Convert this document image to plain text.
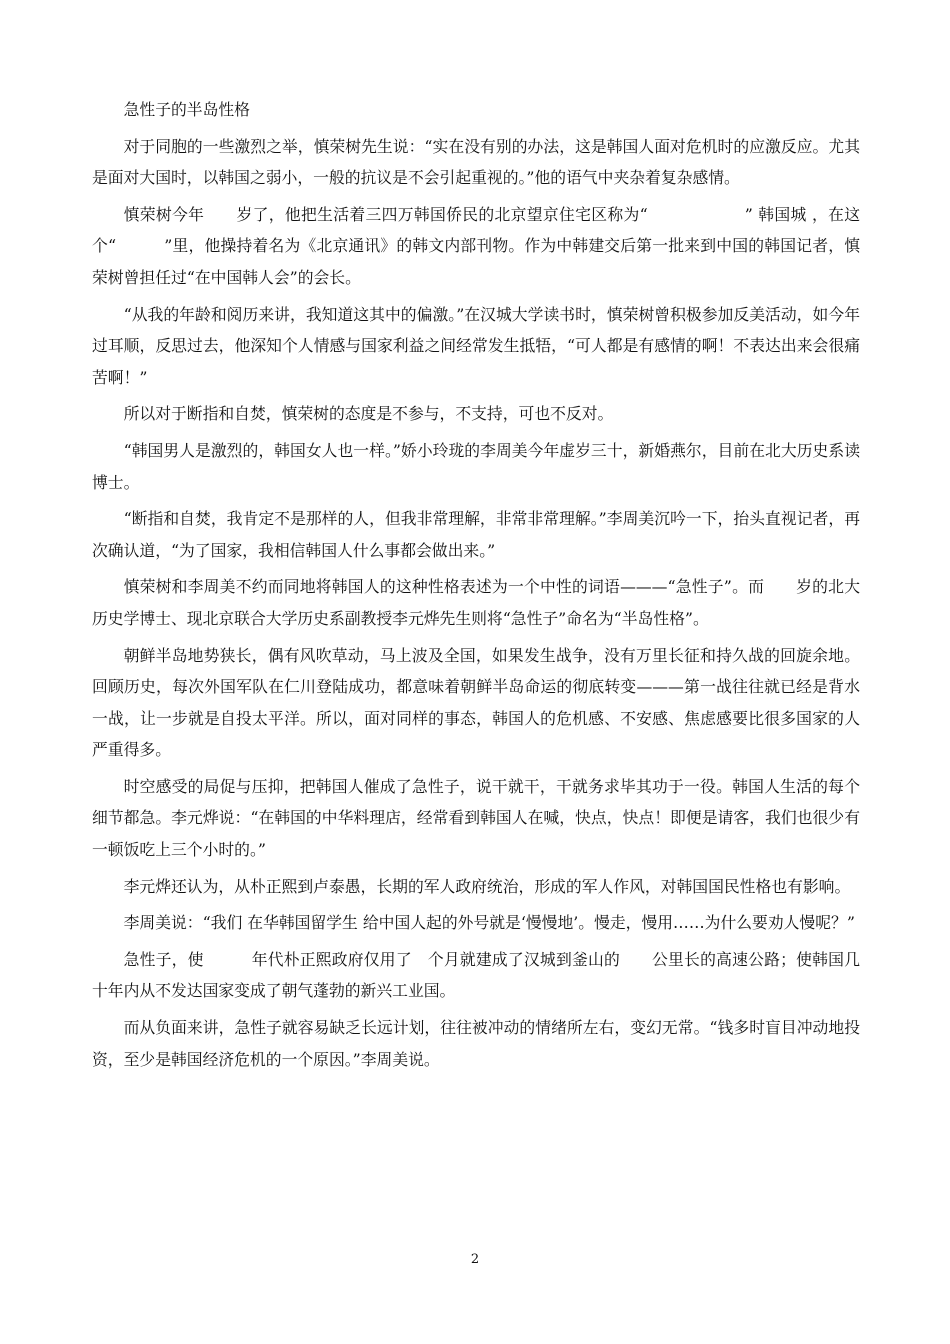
急性子的半岛性格

对于同胞的一些激烈之举，慎荣树先生说：“实在没有别的办法，这是韩国人面对危机时的应激反应。尤其是面对大国时，以韩国之弱小，一般的抗议是不会引起重视的。”他的语气中夹杂着复杂感情。

慎荣树今年　　岁了，他把生活着三四万韩国侨民的北京望京住宅区称为“　　　　　　” 韩国城 ，在这个“　　　”里，他操持着名为《北京通讯》的韩文内部刊物。作为中韩建交后第一批来到中国的韩国记者，慎荣树曾担任过“在中国韩人会”的会长。

“从我的年龄和阅历来讲，我知道这其中的偏激。”在汉城大学读书时，慎荣树曾积极参加反美活动，如今年过耳顺，反思过去，他深知个人情感与国家利益之间经常发生抵牾，“可人都是有感情的啊！不表达出来会很痛苦啊！”

所以对于断指和自焚，慎荣树的态度是不参与，不支持，可也不反对。

“韩国男人是激烈的，韩国女人也一样。”娇小玲珑的李周美今年虚岁三十，新婚燕尔，目前在北大历史系读博士。

“断指和自焚，我肯定不是那样的人，但我非常理解，非常非常理解。”李周美沉吟一下，抬头直视记者，再次确认道，“为了国家，我相信韩国人什么事都会做出来。”

慎荣树和李周美不约而同地将韩国人的这种性格表述为一个中性的词语———“急性子”。而　　岁的北大历史学博士、现北京联合大学历史系副教授李元烨先生则将“急性子”命名为“半岛性格”。

朝鲜半岛地势狭长，偶有风吹草动，马上波及全国，如果发生战争，没有万里长征和持久战的回旋余地。回顾历史，每次外国军队在仁川登陆成功，都意味着朝鲜半岛命运的彻底转变———第一战往往就已经是背水一战，让一步就是自投太平洋。所以，面对同样的事态，韩国人的危机感、不安感、焦虑感要比很多国家的人严重得多。

时空感受的局促与压抑，把韩国人催成了急性子，说干就干，干就务求毕其功于一役。韩国人生活的每个细节都急。李元烨说：“在韩国的中华料理店，经常看到韩国人在喊，快点，快点！即便是请客，我们也很少有一顿饭吃上三个小时的。”

李元烨还认为，从朴正熙到卢泰愚，长期的军人政府统治，形成的军人作风，对韩国国民性格也有影响。

李周美说：“我们 在华韩国留学生 给中国人起的外号就是‘慢慢地’。慢走，慢用……为什么要劝人慢呢？”

急性子，使　　　年代朴正熙政府仅用了　个月就建成了汉城到釜山的　　公里长的高速公路；使韩国几十年内从不发达国家变成了朝气蓬勃的新兴工业国。

而从负面来讲，急性子就容易缺乏长远计划，往往被冲动的情绪所左右，变幻无常。“钱多时盲目冲动地投资，至少是韩国经济危机的一个原因。”李周美说。

2
